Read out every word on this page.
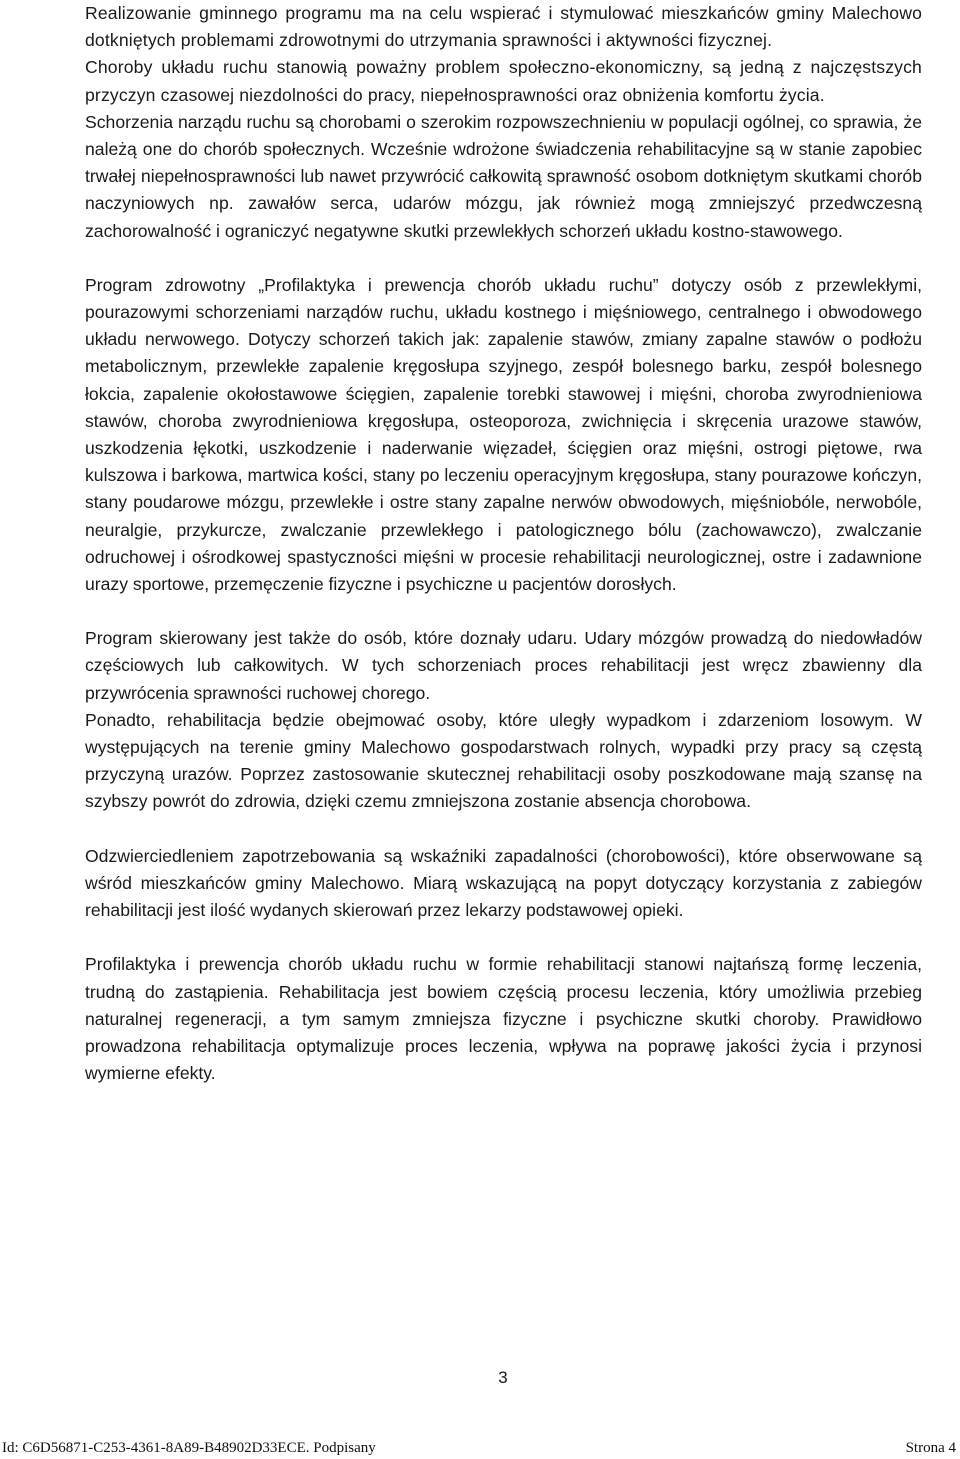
Realizowanie gminnego programu ma na celu wspierać i stymulować mieszkańców gminy Malechowo dotkniętych problemami zdrowotnymi do utrzymania sprawności i aktywności fizycznej.

Choroby układu ruchu stanowią poważny problem społeczno-ekonomiczny, są jedną z najczęstszych przyczyn czasowej niezdolności do pracy, niepełnosprawności oraz obniżenia komfortu życia.

Schorzenia narządu ruchu są chorobami o szerokim rozpowszechnieniu w populacji ogólnej, co sprawia, że należą one do chorób społecznych. Wcześnie wdrożone świadczenia rehabilitacyjne są w stanie zapobiec trwałej niepełnosprawności lub nawet przywrócić całkowitą sprawność osobom dotkniętym skutkami chorób naczyniowych np. zawałów serca, udarów mózgu, jak również mogą zmniejszyć przedwczesną zachorowalność i ograniczyć negatywne skutki przewlekłych schorzeń układu kostno-stawowego.

Program zdrowotny „Profilaktyka i prewencja chorób układu ruchu” dotyczy osób z przewlekłymi, pourazowymi schorzeniami narządów ruchu, układu kostnego i mięśniowego, centralnego i obwodowego układu nerwowego. Dotyczy schorzeń takich jak: zapalenie stawów, zmiany zapalne stawów o podłożu metabolicznym, przewlekłe zapalenie kręgosłupa szyjnego, zespół bolesnego barku, zespół bolesnego łokcia, zapalenie okołostawowe ścięgien, zapalenie torebki stawowej i mięśni, choroba zwyrodnieniowa stawów, choroba zwyrodnieniowa kręgosłupa, osteoporoza, zwichnięcia i skręcenia urazowe stawów, uszkodzenia łękotki, uszkodzenie i naderwanie więzadeł, ścięgien oraz mięśni, ostrogi piętowe, rwa kulszowa i barkowa, martwica kości, stany po leczeniu operacyjnym kręgosłupa, stany pourazowe kończyn, stany poudarowe mózgu, przewlekłe i ostre stany zapalne nerwów obwodowych, mięśniobóle, nerwobóle, neuralgie, przykurcze, zwalczanie przewlekłego i patologicznego bólu (zachowawczo), zwalczanie odruchowej i ośrodkowej spastyczności mięśni w procesie rehabilitacji neurologicznej, ostre i zadawnione urazy sportowe, przemęczenie fizyczne i psychiczne u pacjentów dorosłych.

Program skierowany jest także do osób, które doznały udaru. Udary mózgów prowadzą do niedowładów częściowych lub całkowitych. W tych schorzeniach proces rehabilitacji jest wręcz zbawienny dla przywrócenia sprawności ruchowej chorego.

Ponadto, rehabilitacja będzie obejmować osoby, które uległy wypadkom i zdarzeniom losowym. W występujących na terenie gminy Malechowo gospodarstwach rolnych, wypadki przy pracy są częstą przyczyną urazów. Poprzez zastosowanie skutecznej rehabilitacji osoby poszkodowane mają szansę na szybszy powrót do zdrowia, dzięki czemu zmniejszona zostanie absencja chorobowa.

Odzwierciedleniem zapotrzebowania są wskaźniki zapadalności (chorobowości), które obserwowane są wśród mieszkańców gminy Malechowo. Miarą wskazującą na popyt dotyczący korzystania z zabiegów rehabilitacji jest ilość wydanych skierowań przez lekarzy podstawowej opieki.

Profilaktyka i prewencja chorób układu ruchu w formie rehabilitacji stanowi najtańszą formę leczenia, trudną do zastąpienia. Rehabilitacja jest bowiem częścią procesu leczenia, który umożliwia przebieg naturalnej regeneracji, a tym samym zmniejsza fizyczne i psychiczne skutki choroby. Prawidłowo prowadzona rehabilitacja optymalizuje proces leczenia, wpływa na poprawę jakości życia i przynosi wymierne efekty.

3
Id: C6D56871-C253-4361-8A89-B48902D33ECE. Podpisany	Strona 4
